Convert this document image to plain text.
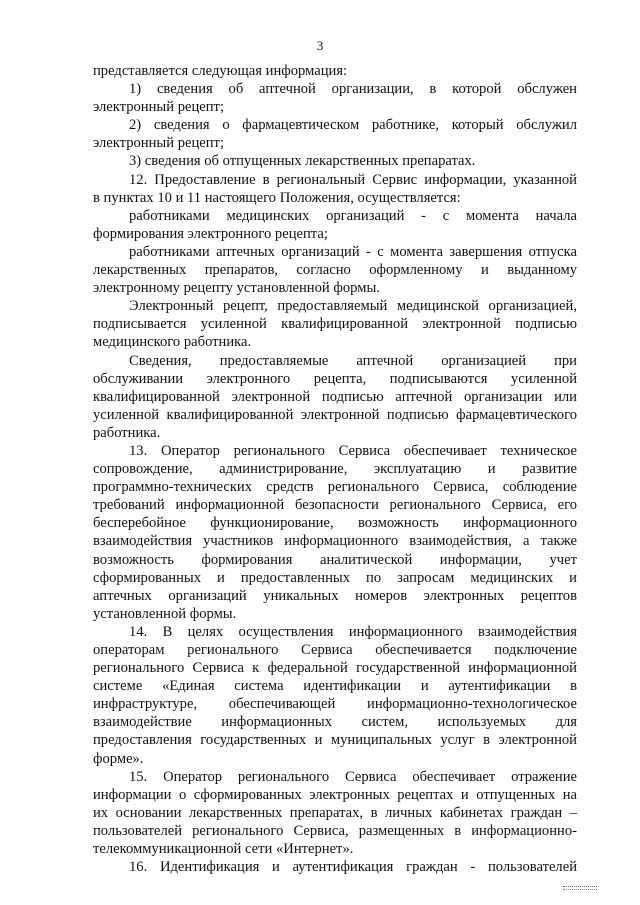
3
представляется следующая информация:
1) сведения об аптечной организации, в которой обслужен
электронный рецепт;
2) сведения о фармацевтическом работнике, который обслужил
электронный рецепт;
3) сведения об отпущенных лекарственных препаратах.
12. Предоставление в региональный Сервис информации, указанной
в пунктах 10 и 11 настоящего Положения, осуществляется:
работниками медицинских организаций - с момента начала
формирования электронного рецепта;
работниками аптечных организаций - с момента завершения отпуска
лекарственных препаратов, согласно оформленному и выданному
электронному рецепту установленной формы.
Электронный рецепт, предоставляемый медицинской организацией,
подписывается усиленной квалифицированной электронной подписью
медицинского работника.
Сведения, предоставляемые аптечной организацией при
обслуживании электронного рецепта, подписываются усиленной
квалифицированной электронной подписью аптечной организации или
усиленной квалифицированной электронной подписью фармацевтического
работника.
13. Оператор регионального Сервиса обеспечивает техническое
сопровождение, администрирование, эксплуатацию и развитие
программно-технических средств регионального Сервиса, соблюдение
требований информационной безопасности регионального Сервиса, его
бесперебойное функционирование, возможность информационного
взаимодействия участников информационного взаимодействия, а также
возможность формирования аналитической информации, учет
сформированных и предоставленных по запросам медицинских и
аптечных организаций уникальных номеров электронных рецептов
установленной формы.
14. В целях осуществления информационного взаимодействия
операторам регионального Сервиса обеспечивается подключение
регионального Сервиса к федеральной государственной информационной
системе «Единая система идентификации и аутентификации в
инфраструктуре, обеспечивающей информационно-технологическое
взаимодействие информационных систем, используемых для
предоставления государственных и муниципальных услуг в электронной
форме».
15. Оператор регионального Сервиса обеспечивает отражение
информации о сформированных электронных рецептах и отпущенных на
их основании лекарственных препаратах, в личных кабинетах граждан –
пользователей регионального Сервиса, размещенных в информационно-
телекоммуникационной сети «Интернет».
16. Идентификация и аутентификация граждан - пользователей
